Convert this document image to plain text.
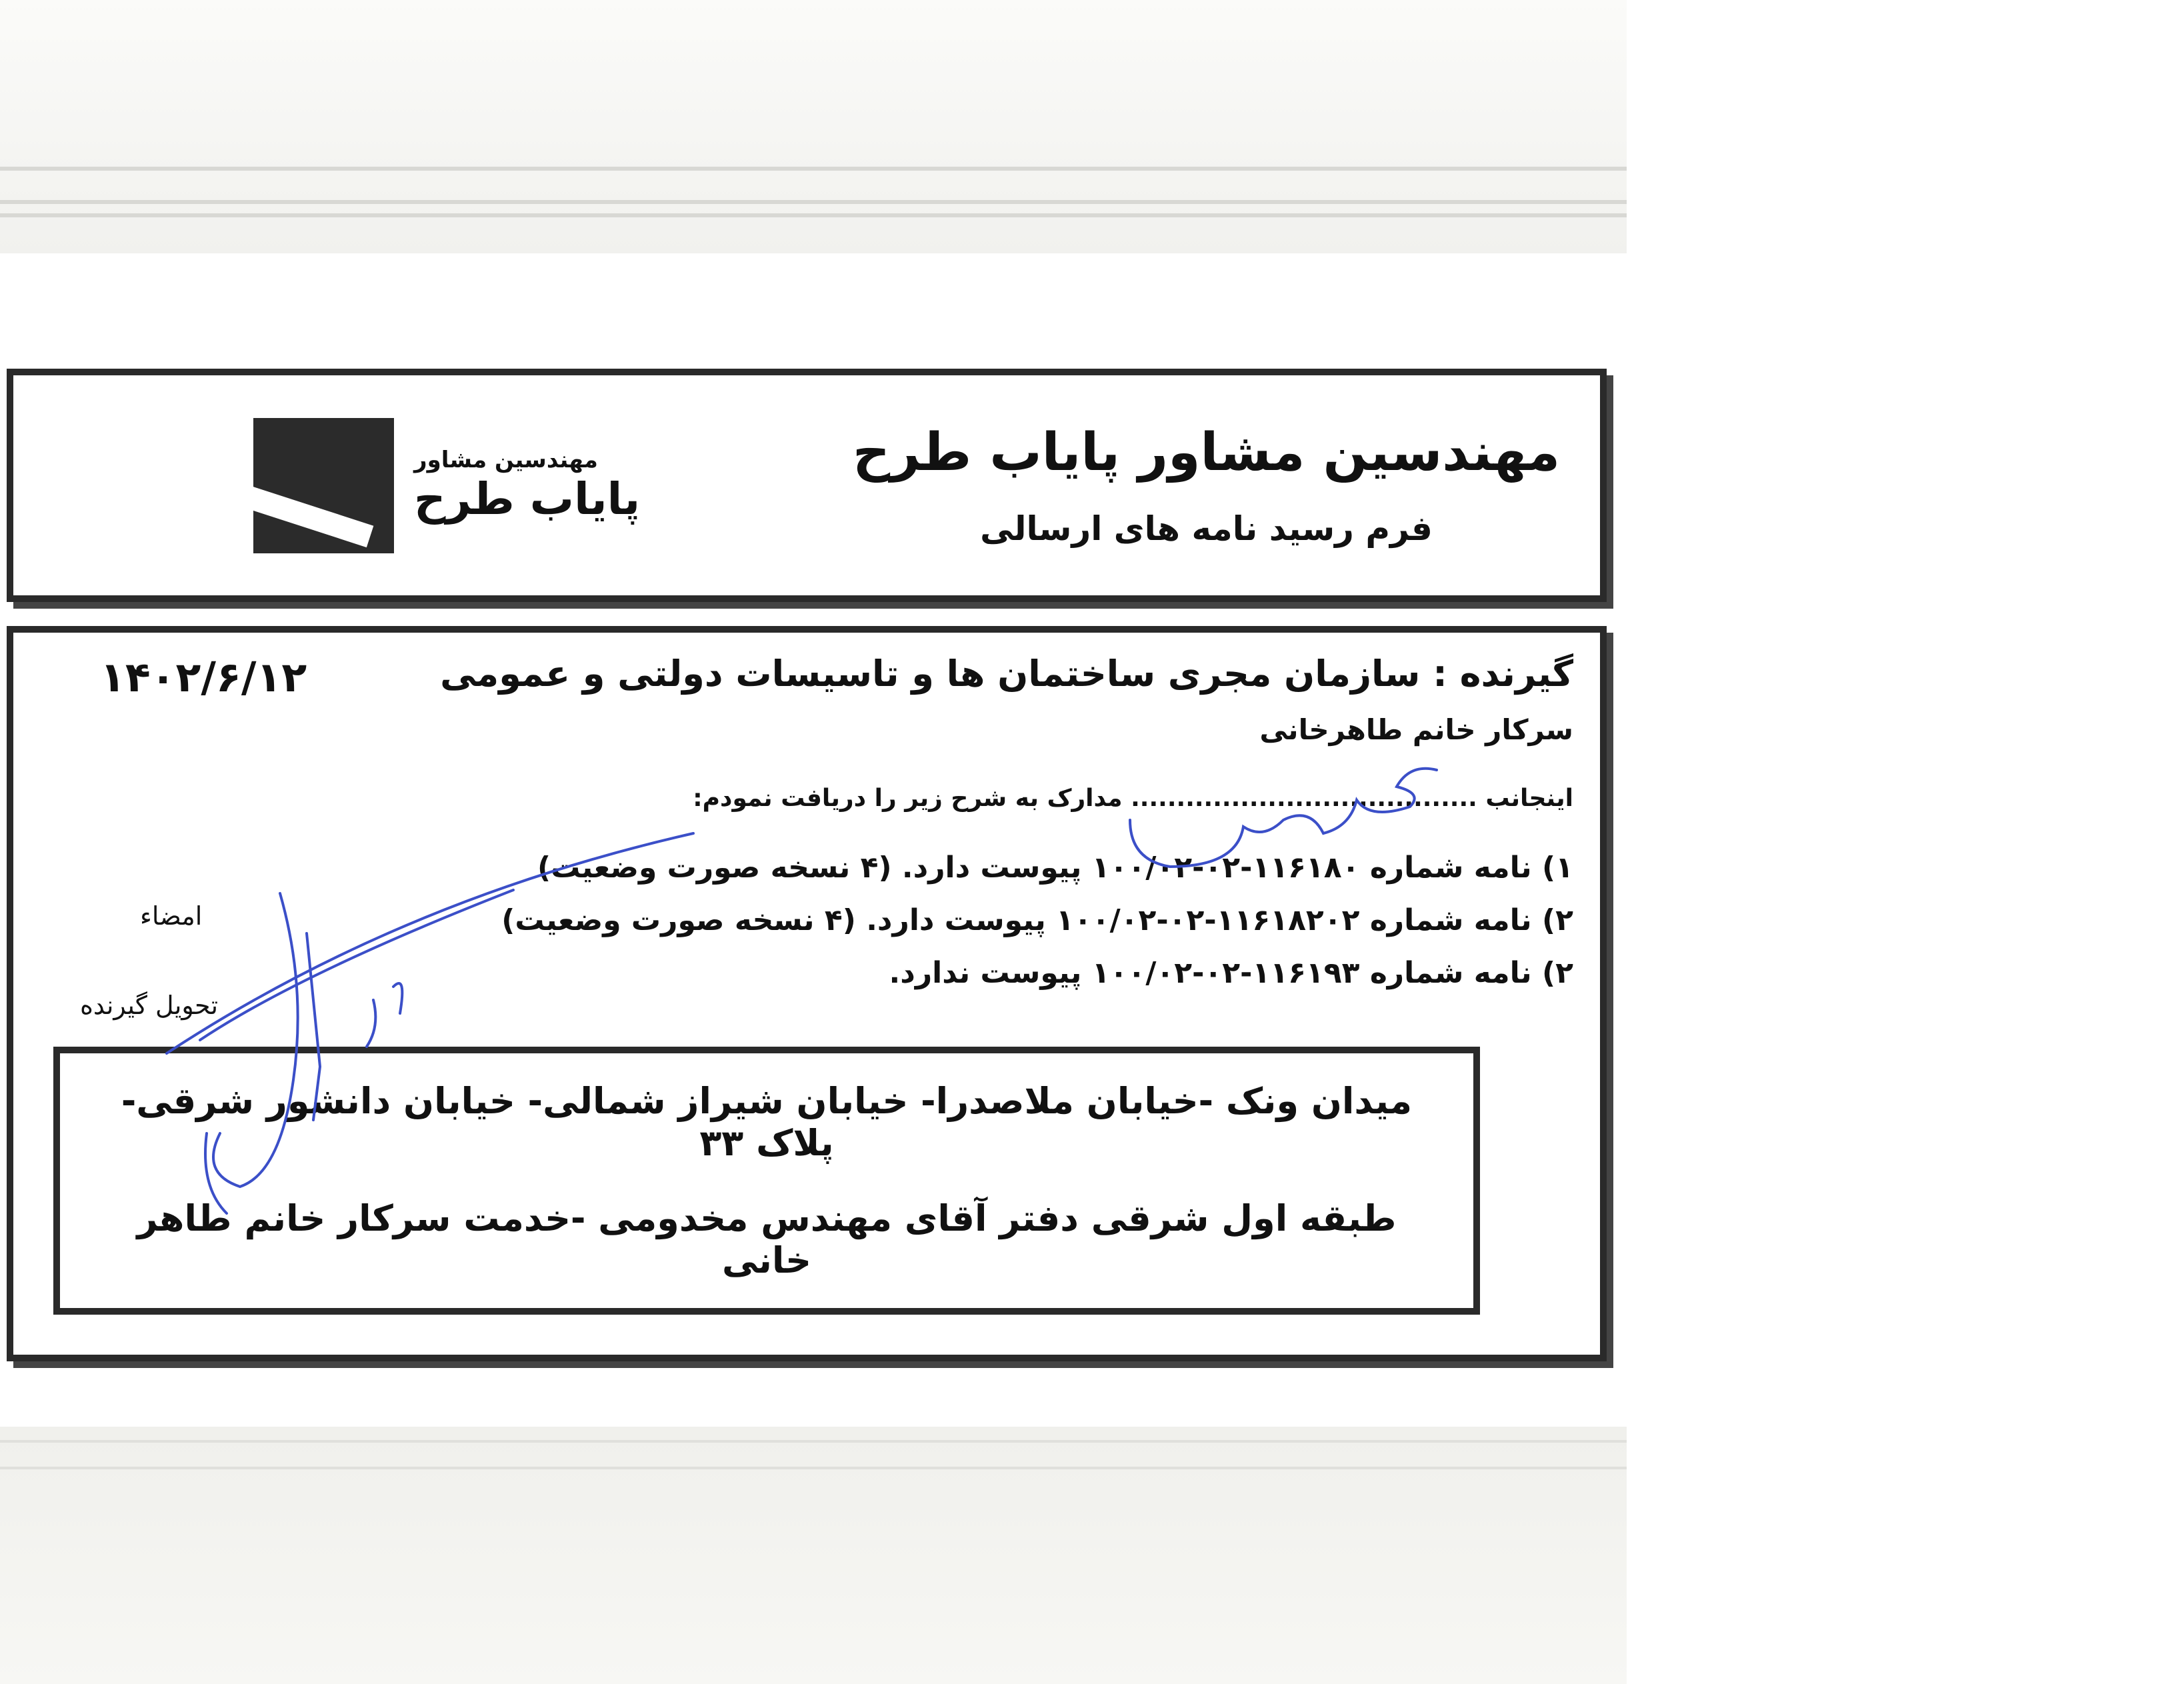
مهندسین مشاور
پایاب طرح
مهندسین مشاور پایاب طرح
فرم رسید نامه های ارسالی
۱۴۰۲/۶/۱۲
امضاء
تحویل گیرنده
گیرنده : سازمان مجری ساختمان ها و تاسیسات دولتی و عمومی
سرکار خانم طاهرخانی
اینجانب ...................................... مدارک به شرح زیر را دریافت نمودم:
۱) نامه شماره ۱۱۶۱۸۰-۰۲-۱۰۰/۰۲ پیوست دارد. (۴ نسخه صورت وضعیت)
۲) نامه شماره ۱۱۶۱۸۲۰۲-۰۲-۱۰۰/۰۲ پیوست دارد. (۴ نسخه صورت وضعیت)
۲) نامه شماره ۱۱۶۱۹۳-۰۲-۱۰۰/۰۲ پیوست ندارد.
میدان ونک -خیابان ملاصدرا- خیابان شیراز شمالی- خیابان دانشور شرقی- پلاک ۳۳
طبقه اول شرقی دفتر آقای مهندس مخدومی -خدمت سرکار خانم طاهر خانی
